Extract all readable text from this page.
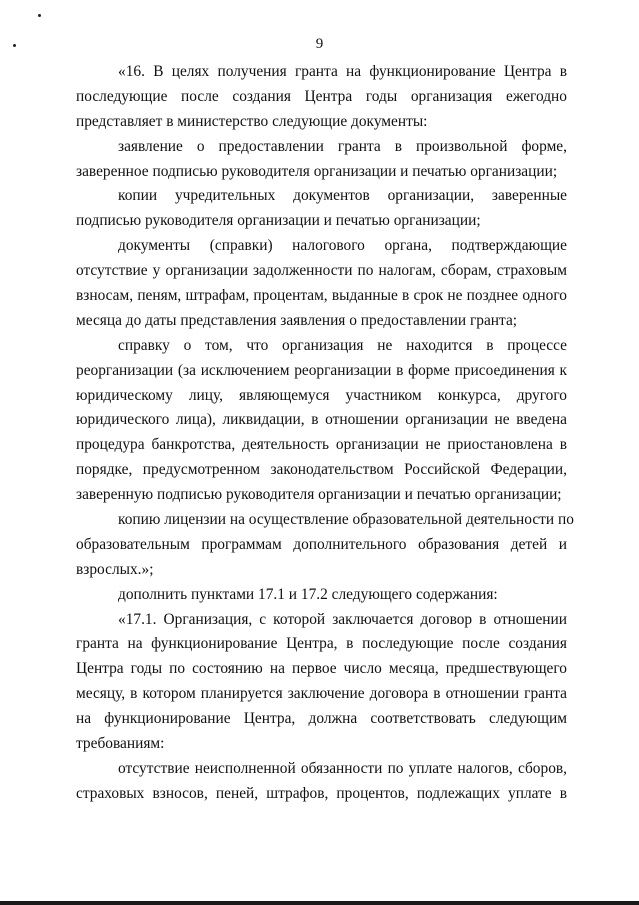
9
«16. В целях получения гранта на функционирование Центра в
последующие после создания Центра годы организация ежегодно
представляет в министерство следующие документы:
заявление о предоставлении гранта в произвольной форме,
заверенное подписью руководителя организации и печатью организации;
копии учредительных документов организации, заверенные
подписью руководителя организации и печатью организации;
документы (справки) налогового органа, подтверждающие
отсутствие у организации задолженности по налогам, сборам, страховым
взносам, пеням, штрафам, процентам, выданные в срок не позднее одного
месяца до даты представления заявления о предоставлении гранта;
справку о том, что организация не находится в процессе
реорганизации (за исключением реорганизации в форме присоединения к
юридическому лицу, являющемуся участником конкурса, другого
юридического лица), ликвидации, в отношении организации не введена
процедура банкротства, деятельность организации не приостановлена в
порядке, предусмотренном законодательством Российской Федерации,
заверенную подписью руководителя организации и печатью организации;
копию лицензии на осуществление образовательной деятельности по
образовательным программам дополнительного образования детей и
взрослых.»;
дополнить пунктами 17.1 и 17.2 следующего содержания:
«17.1. Организация, с которой заключается договор в отношении
гранта на функционирование Центра, в последующие после создания
Центра годы по состоянию на первое число месяца, предшествующего
месяцу, в котором планируется заключение договора в отношении гранта
на функционирование Центра, должна соответствовать следующим
требованиям:
отсутствие неисполненной обязанности по уплате налогов, сборов,
страховых взносов, пеней, штрафов, процентов, подлежащих уплате в
